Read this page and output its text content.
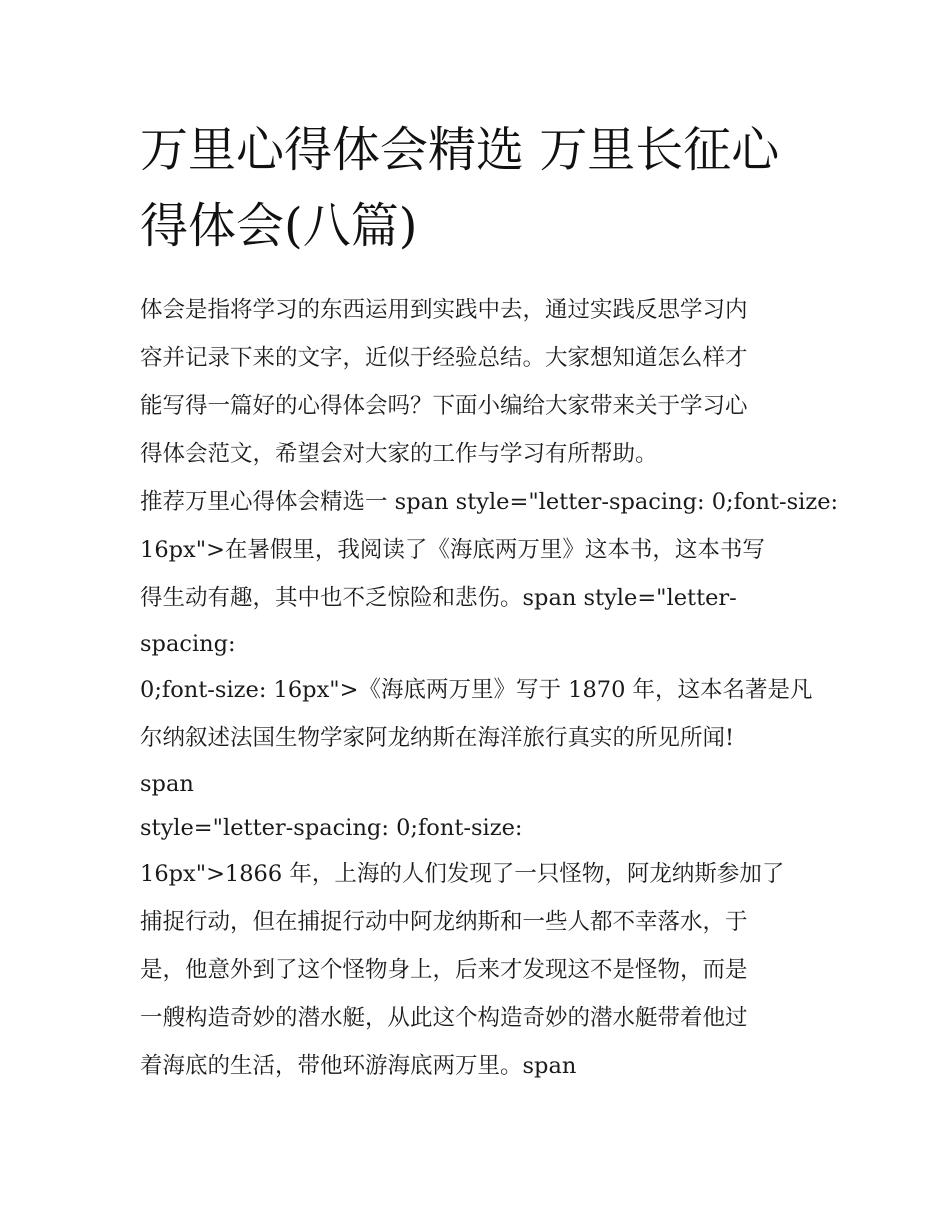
万里心得体会精选 万里长征心
得体会(八篇)
体会是指将学习的东西运用到实践中去，通过实践反思学习内
容并记录下来的文字，近似于经验总结。大家想知道怎么样才
能写得一篇好的心得体会吗？下面小编给大家带来关于学习心
得体会范文，希望会对大家的工作与学习有所帮助。
推荐万里心得体会精选一 span style="letter-spacing: 0;font-size:
16px">在暑假里，我阅读了《海底两万里》这本书，这本书写
得生动有趣，其中也不乏惊险和悲伤。span style="letter-
spacing:
0;font-size: 16px">《海底两万里》写于 1870 年，这本名著是凡
尔纳叙述法国生物学家阿龙纳斯在海洋旅行真实的所见所闻!
span
style="letter-spacing: 0;font-size:
16px">1866 年，上海的人们发现了一只怪物，阿龙纳斯参加了
捕捉行动，但在捕捉行动中阿龙纳斯和一些人都不幸落水，于
是，他意外到了这个怪物身上，后来才发现这不是怪物，而是
一艘构造奇妙的潜水艇，从此这个构造奇妙的潜水艇带着他过
着海底的生活，带他环游海底两万里。span
